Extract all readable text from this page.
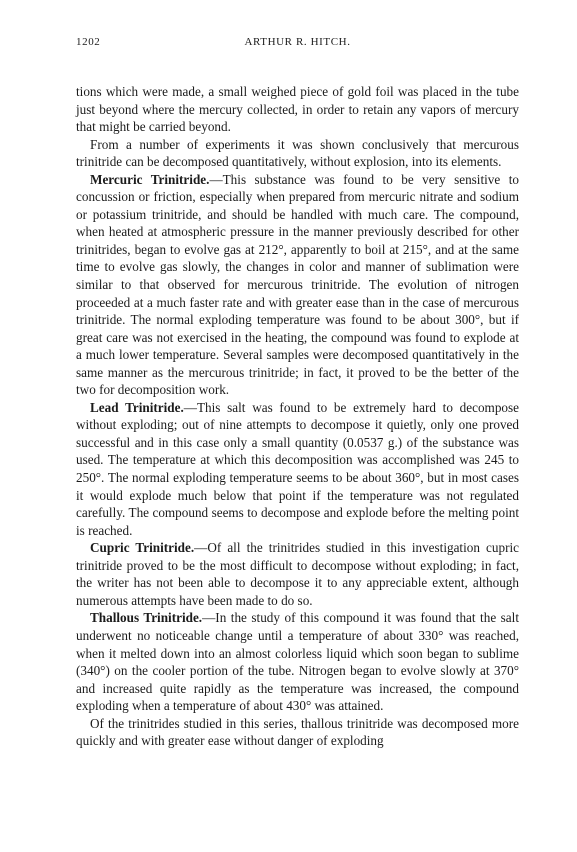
1202	ARTHUR R. HITCH.

tions which were made, a small weighed piece of gold foil was placed in the tube just beyond where the mercury collected, in order to retain any vapors of mercury that might be carried beyond.

From a number of experiments it was shown conclusively that mercurous trinitride can be decomposed quantitatively, without explosion, into its elements.

Mercuric Trinitride.—This substance was found to be very sensitive to concussion or friction, especially when prepared from mercuric nitrate and sodium or potassium trinitride, and should be handled with much care. The compound, when heated at atmospheric pressure in the manner previously described for other trinitrides, began to evolve gas at 212°, apparently to boil at 215°, and at the same time to evolve gas slowly, the changes in color and manner of sublimation were similar to that observed for mercurous trinitride. The evolution of nitrogen proceeded at a much faster rate and with greater ease than in the case of mercurous trinitride. The normal exploding temperature was found to be about 300°, but if great care was not exercised in the heating, the compound was found to explode at a much lower temperature. Several samples were decomposed quantitatively in the same manner as the mercurous trinitride; in fact, it proved to be the better of the two for decomposition work.

Lead Trinitride.—This salt was found to be extremely hard to decompose without exploding; out of nine attempts to decompose it quietly, only one proved successful and in this case only a small quantity (0.0537 g.) of the substance was used. The temperature at which this decomposition was accomplished was 245 to 250°. The normal exploding temperature seems to be about 360°, but in most cases it would explode much below that point if the temperature was not regulated carefully. The compound seems to decompose and explode before the melting point is reached.

Cupric Trinitride.—Of all the trinitrides studied in this investigation cupric trinitride proved to be the most difficult to decompose without exploding; in fact, the writer has not been able to decompose it to any appreciable extent, although numerous attempts have been made to do so.

Thallous Trinitride.—In the study of this compound it was found that the salt underwent no noticeable change until a temperature of about 330° was reached, when it melted down into an almost colorless liquid which soon began to sublime (340°) on the cooler portion of the tube. Nitrogen began to evolve slowly at 370° and increased quite rapidly as the temperature was increased, the compound exploding when a temperature of about 430° was attained.

Of the trinitrides studied in this series, thallous trinitride was decomposed more quickly and with greater ease without danger of exploding
